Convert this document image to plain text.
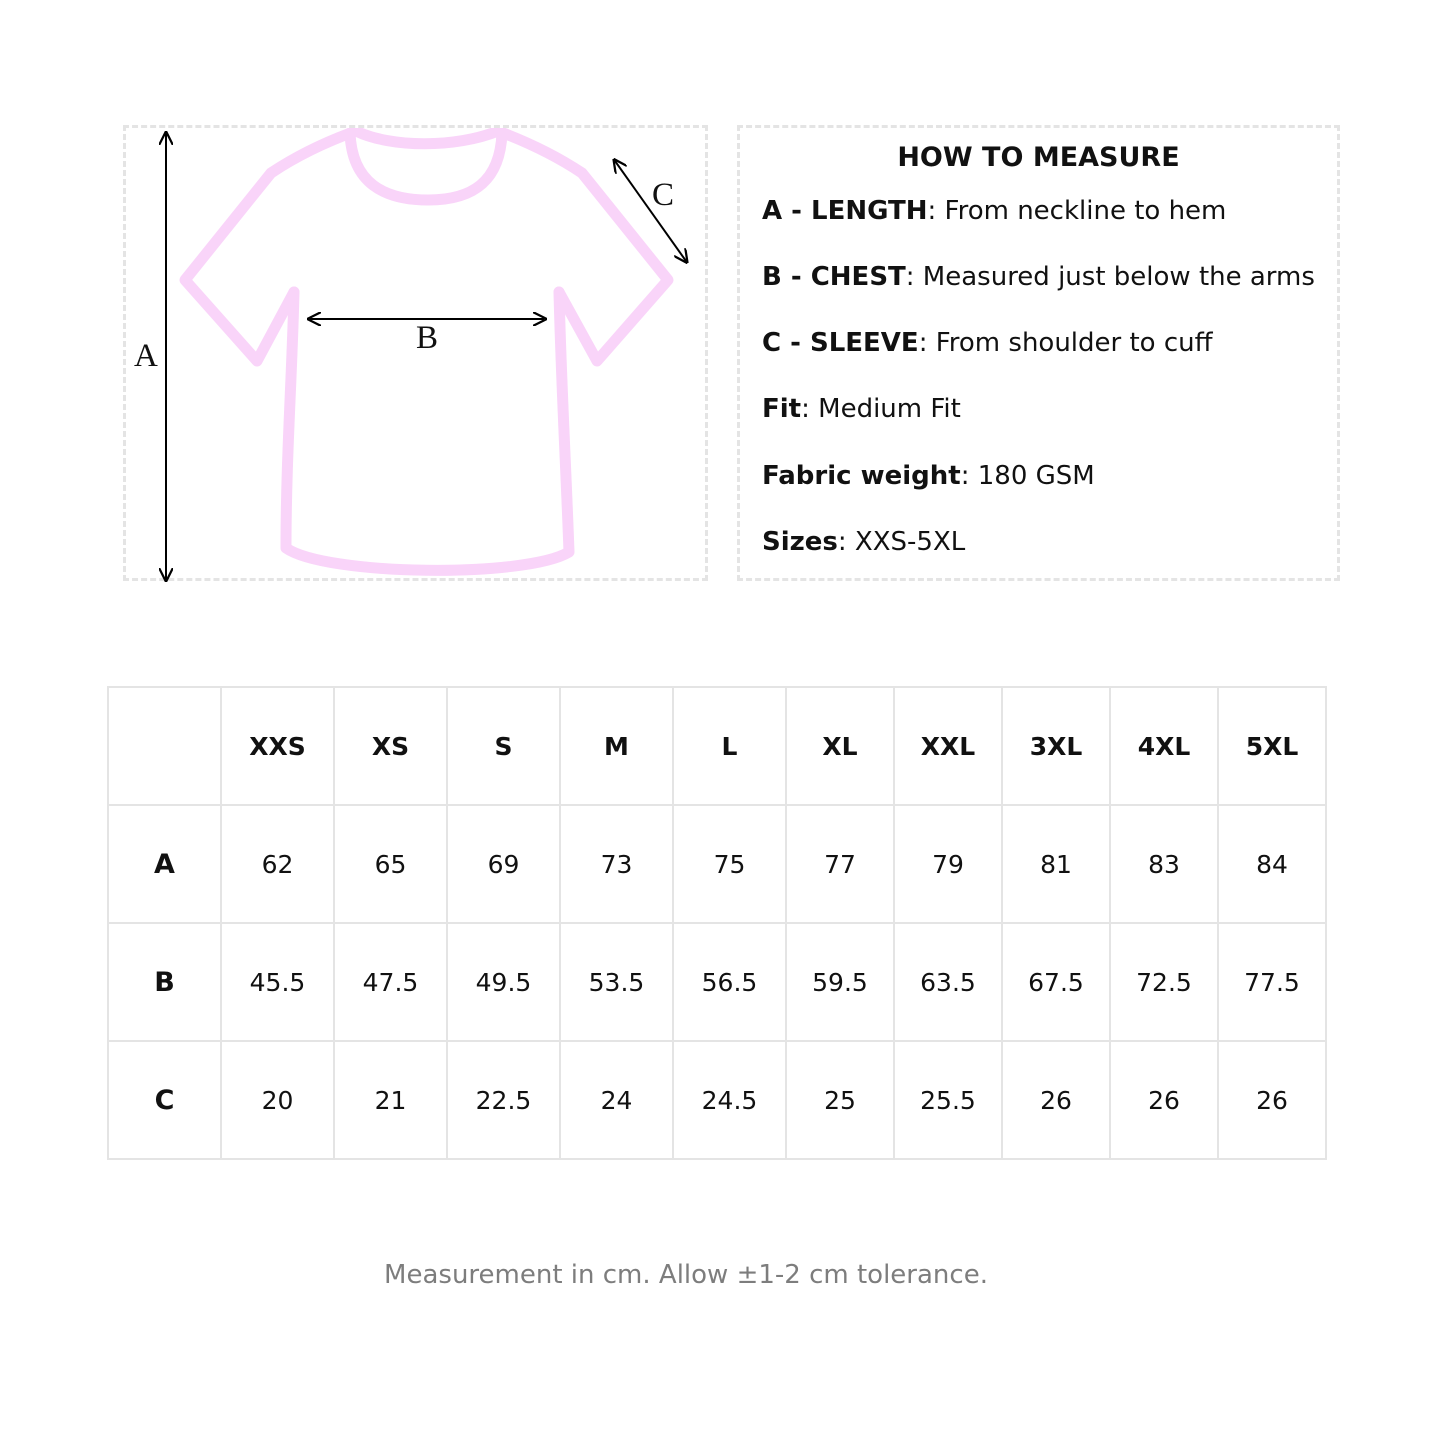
A	B
C
HOW TO MEASURE
A - LENGTH: From neckline to hem
B - CHEST: Measured just below the arms
C - SLEEVE: From shoulder to cuff
Fit: Medium Fit
Fabric weight: 180 GSM
Sizes: XXS-5XL
	XXS	XS	S	M	L	XL	XXL	3XL	4XL	5XL
A	62	65	69	73	75	77	79	81	83	84
B	45.5	47.5	49.5	53.5	56.5	59.5	63.5	67.5	72.5	77.5
C	20	21	22.5	24	24.5	25	25.5	26	26	26
Measurement in cm. Allow ±1-2 cm tolerance.
